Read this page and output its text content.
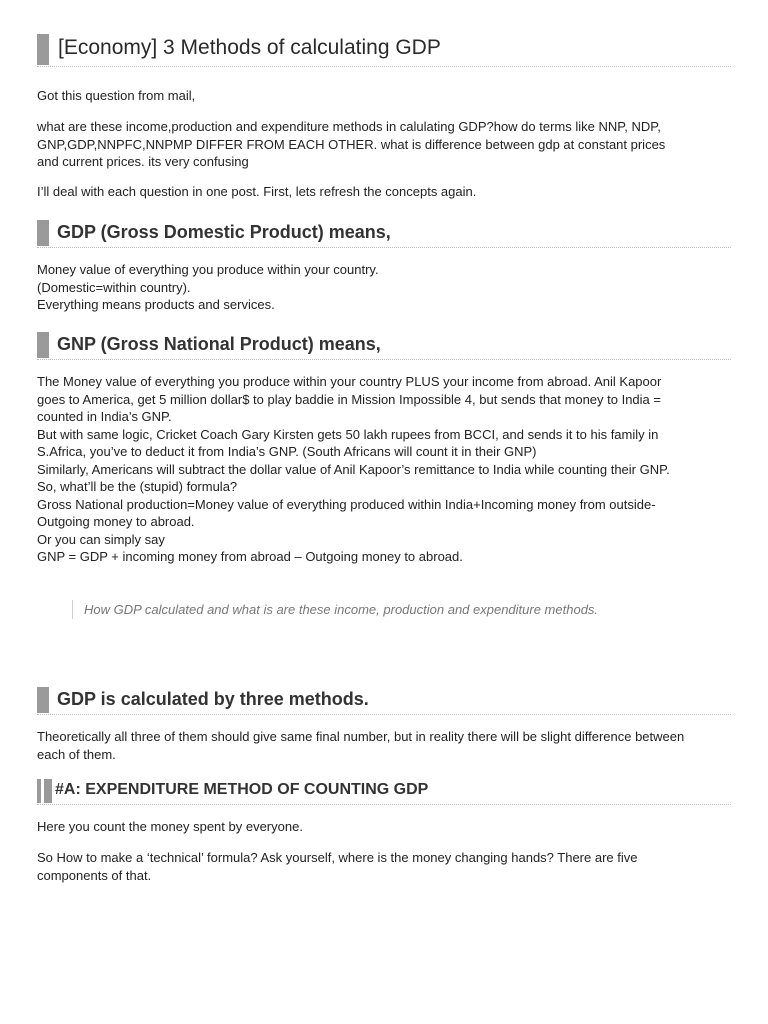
[Economy] 3 Methods of calculating GDP
Got this question from mail,
what are these income,production and expenditure methods in calulating GDP?how do terms like NNP, NDP,
GNP,GDP,NNPFC,NNPMP DIFFER FROM EACH OTHER. what is difference between gdp at constant prices
and current prices. its very confusing
I’ll deal with each question in one post. First, lets refresh the concepts again.
GDP (Gross Domestic Product) means,
Money value of everything you produce within your country.
(Domestic=within country).
Everything means products and services.
GNP (Gross National Product) means,
The Money value of everything you produce within your country PLUS your income from abroad. Anil Kapoor
goes to America, get 5 million dollar$ to play baddie in Mission Impossible 4, but sends that money to India =
counted in India’s GNP.
But with same logic, Cricket Coach Gary Kirsten gets 50 lakh rupees from BCCI, and sends it to his family in
S.Africa, you’ve to deduct it from India’s GNP. (South Africans will count it in their GNP)
Similarly, Americans will subtract the dollar value of Anil Kapoor’s remittance to India while counting their GNP.
So, what’ll be the (stupid) formula?
Gross National production=Money value of everything produced within India+Incoming money from outside-
Outgoing money to abroad.
Or you can simply say
GNP = GDP + incoming money from abroad – Outgoing money to abroad.
How GDP calculated and what is are these income, production and expenditure methods.
GDP is calculated by three methods.
Theoretically all three of them should give same final number, but in reality there will be slight difference between
each of them.
#A: EXPENDITURE METHOD OF COUNTING GDP
Here you count the money spent by everyone.
So How to make a ‘technical’ formula? Ask yourself, where is the money changing hands? There are five
components of that.
